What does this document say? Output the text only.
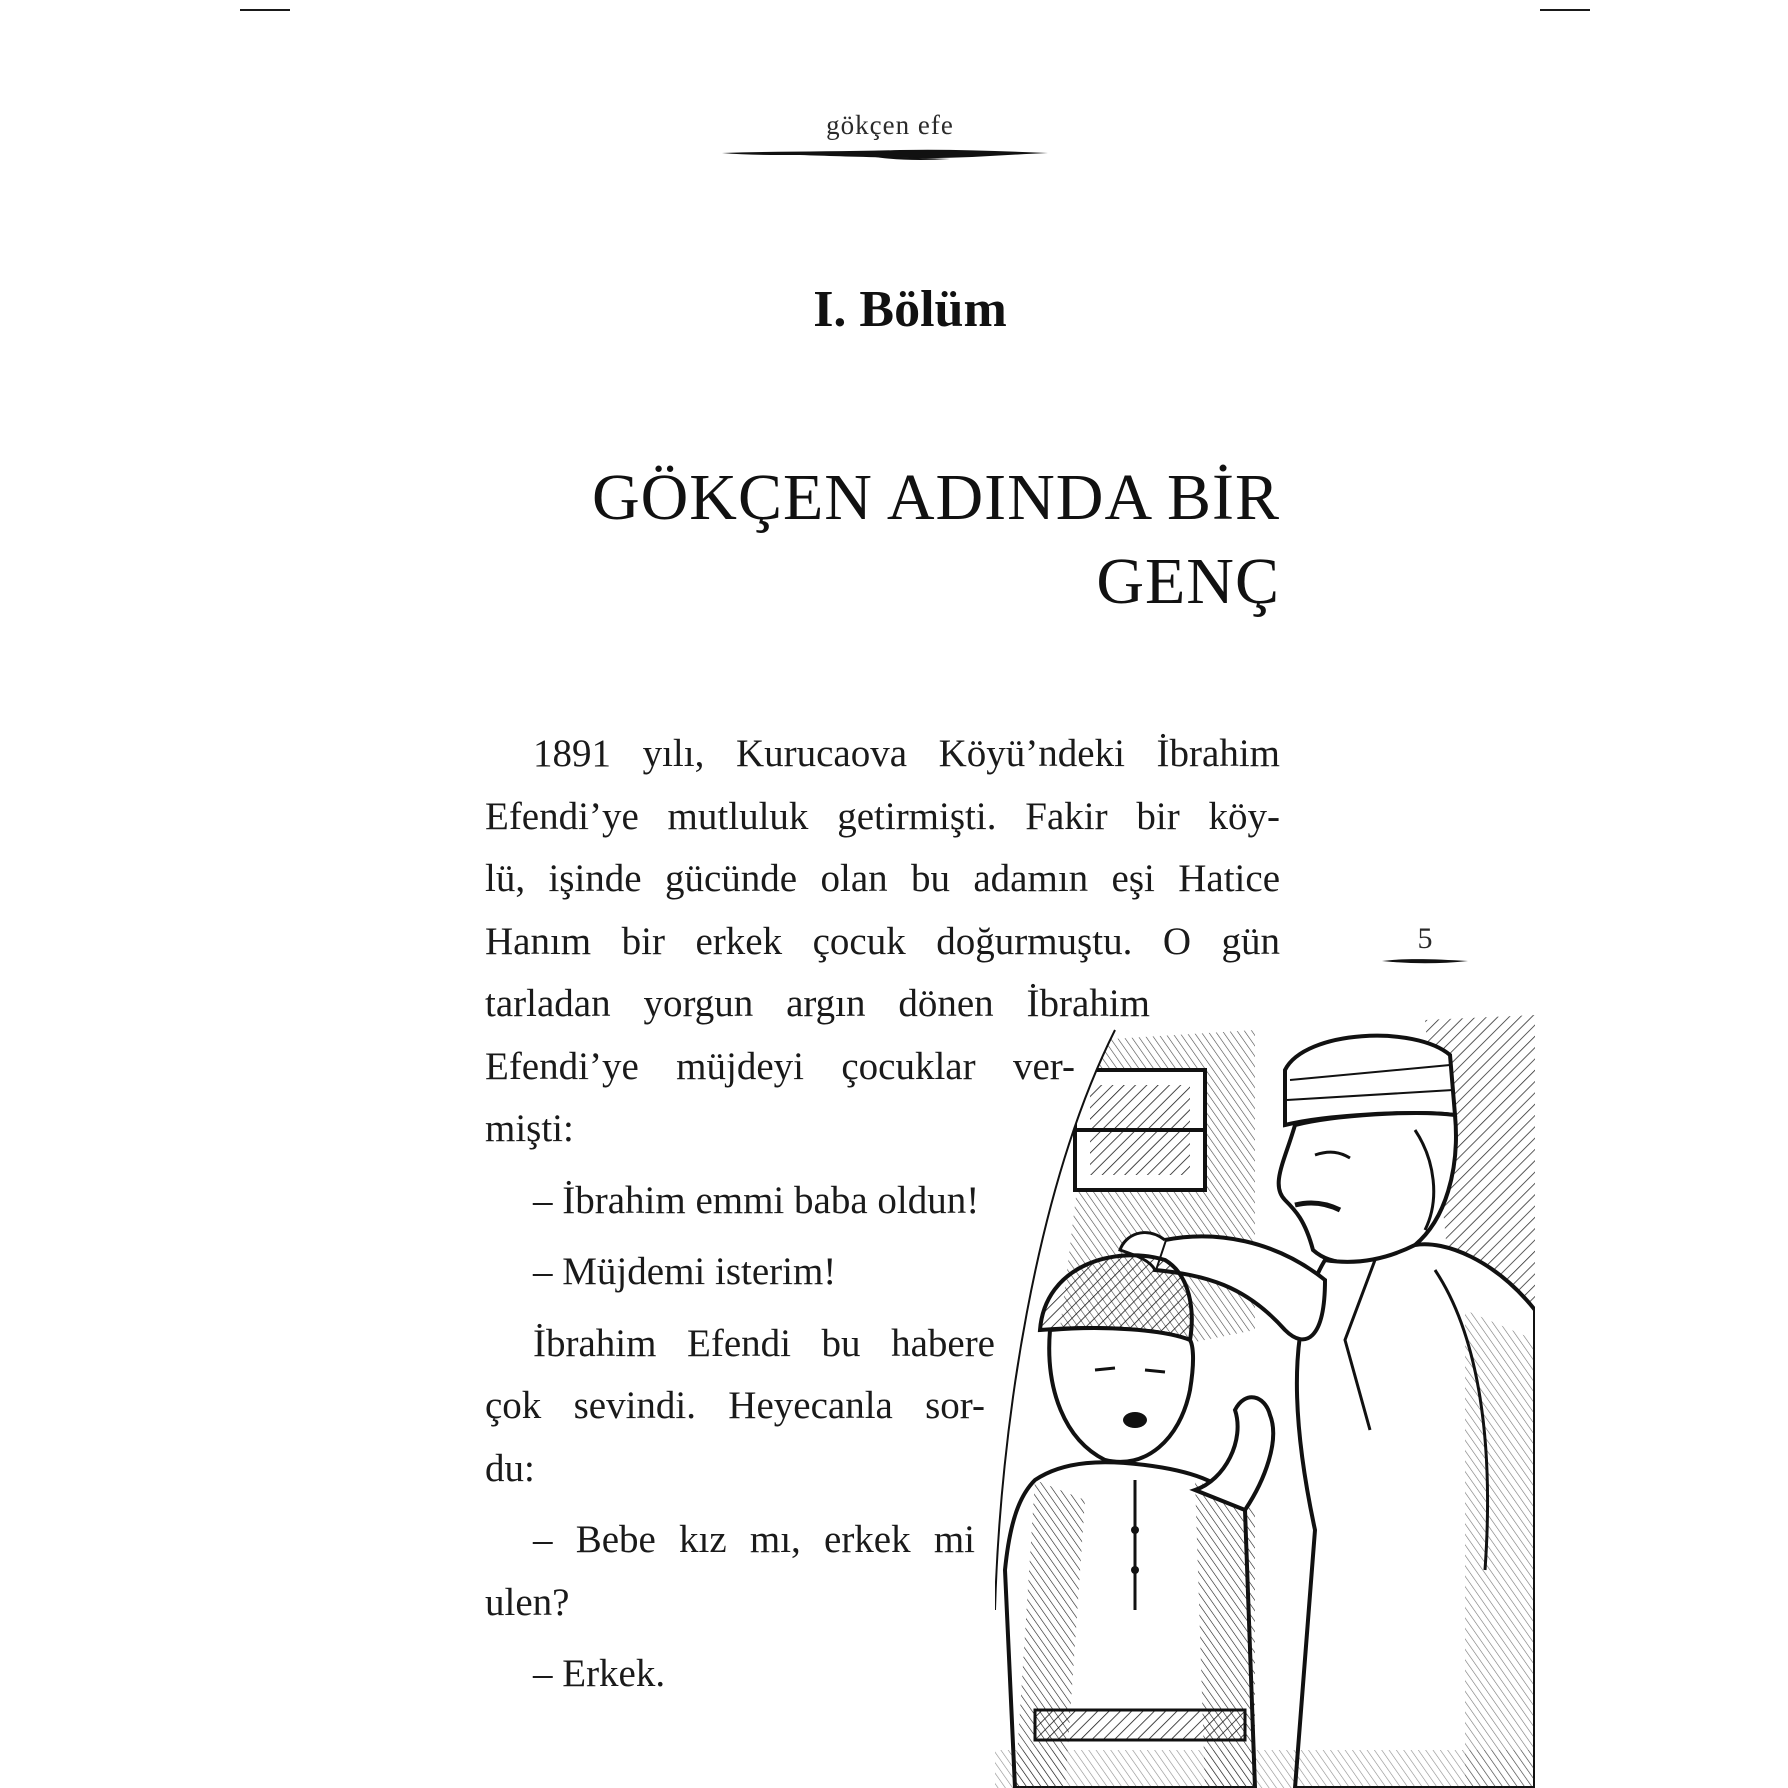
gökçen efe
I. Bölüm
GÖKÇEN ADINDA BİR
GENÇ
1891 yılı, Kurucaova Köyü’ndeki İbrahim
Efendi’ye mutluluk getirmişti. Fakir bir köy-
lü, işinde gücünde olan bu adamın eşi Hatice
Hanım bir erkek çocuk doğurmuştu. O gün
tarladan yorgun argın dönen İbrahim
Efendi’ye müjdeyi çocuklar ver-
mişti:
– İbrahim emmi baba oldun!
– Müjdemi isterim!
İbrahim Efendi bu habere
çok sevindi. Heyecanla sor-
du:
– Bebe kız mı, erkek mi
ulen?
– Erkek.
5
